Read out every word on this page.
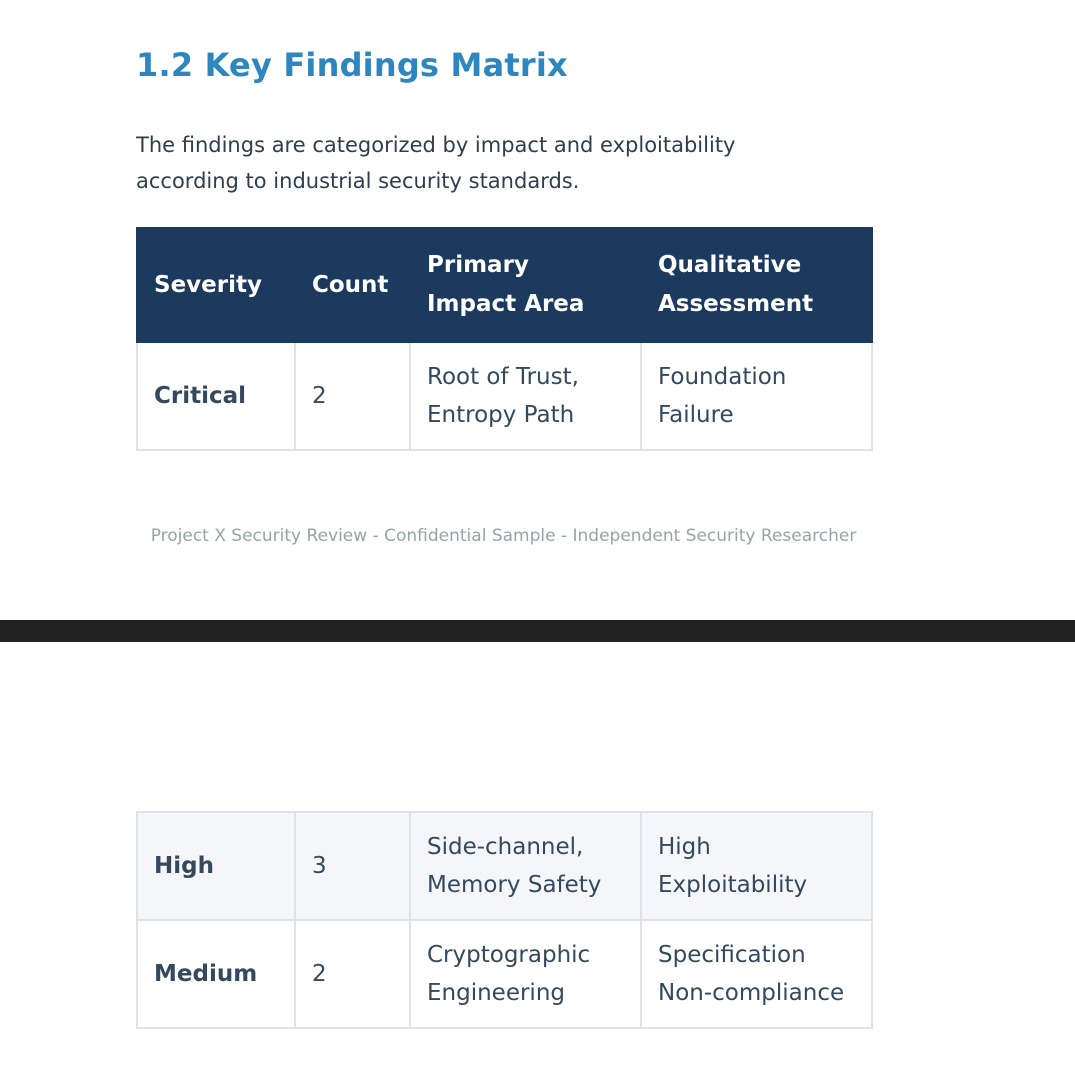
1.2 Key Findings Matrix

The findings are categorized by impact and exploitability according to industrial security standards.

Severity	Count	Primary Impact Area	Qualitative Assessment
Critical	2	Root of Trust, Entropy Path	Foundation Failure
Project X Security Review - Confidential Sample - Independent Security Researcher
High	3	Side-channel, Memory Safety	High Exploitability
Medium	2	Cryptographic Engineering	Specification Non-compliance
